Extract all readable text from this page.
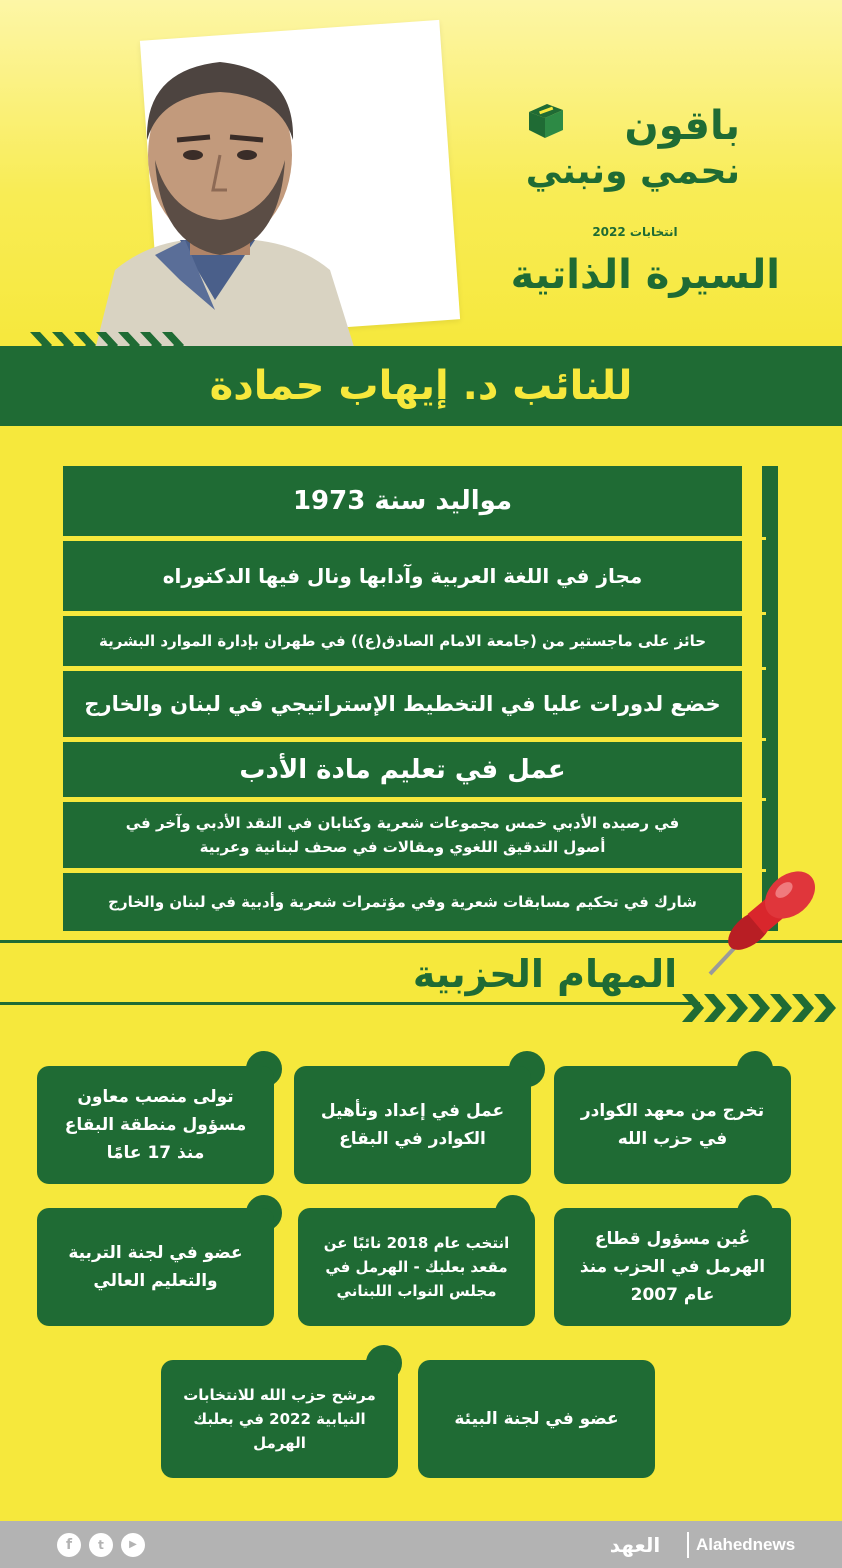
باقون
نحمي ونبني
انتخابات 2022
السيرة الذاتية
للنائب د. إيهاب حمادة
مواليد سنة 1973
مجاز في اللغة العربية وآدابها ونال فيها الدكتوراه
حائز على ماجستير من (جامعة الامام الصادق(ع)) في طهران بإدارة الموارد البشرية
خضع لدورات عليا في التخطيط الإستراتيجي في لبنان والخارج
عمل في تعليم مادة الأدب
في رصيده الأدبي خمس مجموعات شعرية وكتابان في النقد الأدبي وآخر في أصول التدقيق اللغوي ومقالات في صحف لبنانية وعربية
شارك في تحكيم مسابقات شعرية وفي مؤتمرات شعرية وأدبية في لبنان والخارج
المهام الحزبية
تخرج من معهد الكوادر في حزب الله
عمل في إعداد وتأهيل الكوادر في البقاع
تولى منصب معاون مسؤول منطقة البقاع منذ 17 عامًا
عُين مسؤول قطاع الهرمل في الحزب منذ عام 2007
انتخب عام 2018 نائبًا عن مقعد بعلبك - الهرمل في مجلس النواب اللبناني
عضو في لجنة التربية والتعليم العالي
عضو في لجنة البيئة
مرشح حزب الله للانتخابات النيابية 2022 في بعلبك الهرمل
f	t	▶	العهد	Alahednews
